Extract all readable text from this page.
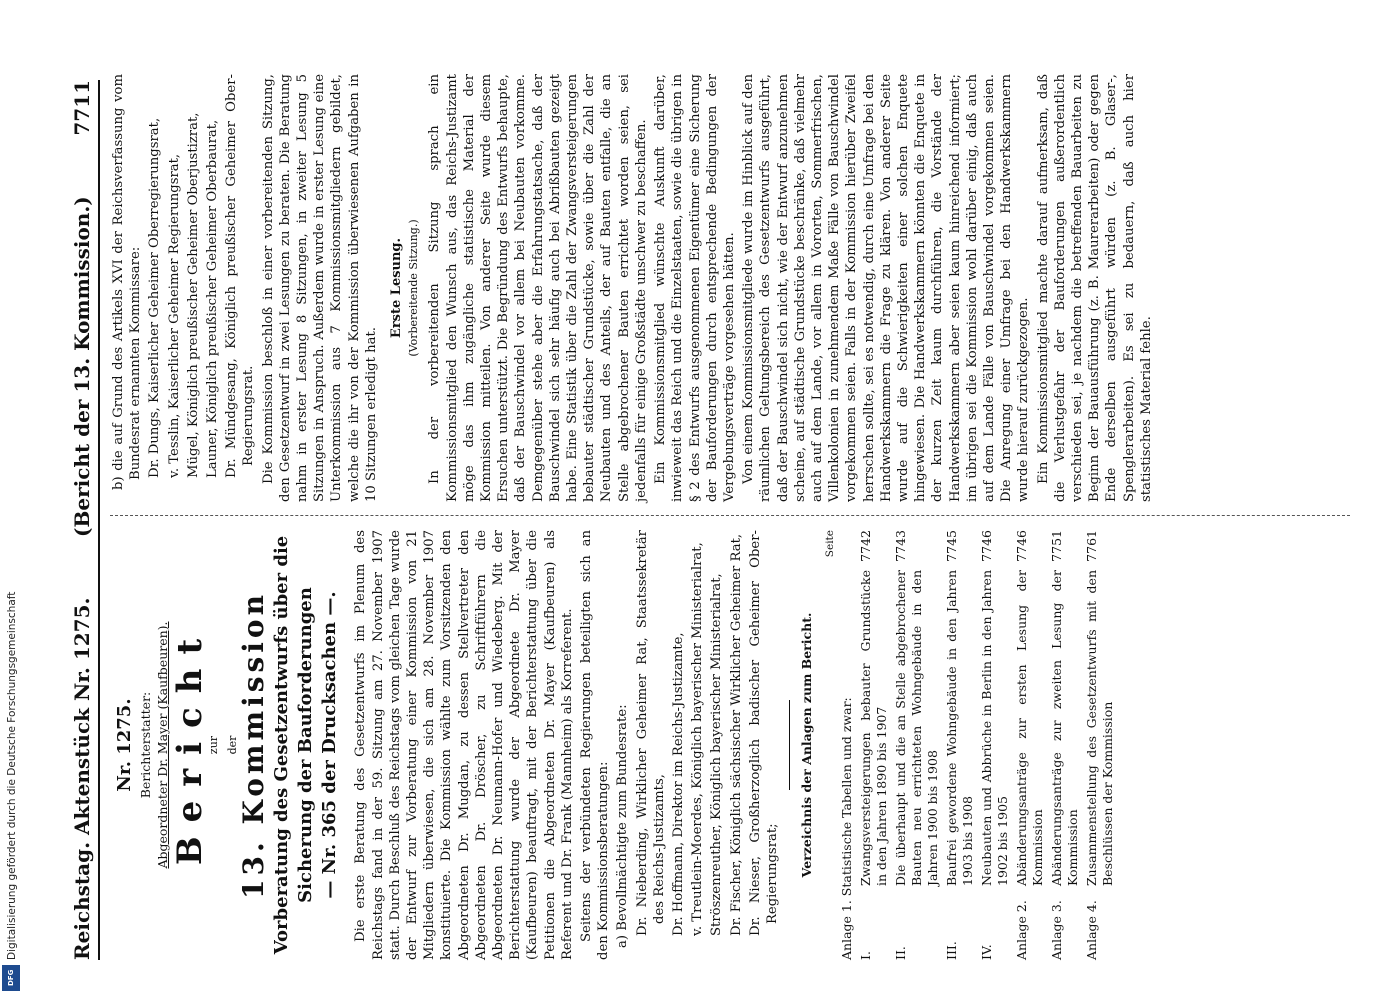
Reichstag. Aktenstück Nr. 1275.
(Bericht der 13. Kommission.)
7711
Nr. 1275. Berichterstatter: Abgeordneter Dr. Mayer (Kaufbeuren). Bericht
zur der
13. Kommission Vorberatung des Gesetzentwurfs über die Sicherung der Bauforderungen — Nr. 365 der Drucksachen —. Die erste Beratung des Gesetzentwurfs im Plenum des Reichstags fand in der 59. Sitzung am 27. November 1907 statt. Durch Beschluß des Reichstags vom gleichen Tage wurde der Entwurf zur Vorberatung einer Kommission von 21 Mitgliedern überwiesen, die sich am 28. November 1907 konstituierte. Die Kommission wählte zum Vorsitzenden den Abgeordneten Dr. Mugdan, zu dessen Stellvertreter den Abgeordneten Dr. Dröscher, zu Schriftführern die Abgeordneten Dr. Neumann-Hofer und Wiedeberg. Mit der Berichterstattung wurde der Abgeordnete Dr. Mayer (Kaufbeuren) beauftragt, mit der Berichterstattung über die Petitionen die Abgeordneten Dr. Mayer (Kaufbeuren) als Referent und Dr. Frank (Mannheim) als Korreferent. Seitens der verbündeten Regierungen beteiligten sich an den Kommissionsberatungen: a) Bevollmächtigte zum Bundesrate: Dr. Nieberding, Wirklicher Geheimer Rat, Staatssekretär des Reichs-Justizamts, Dr. Hoffmann, Direktor im Reichs-Justizamte, v. Treutlein-Moerdes, Königlich bayerischer Ministerialrat, Ströszenreuther, Königlich bayerischer Ministerialrat, Dr. Fischer, Königlich sächsischer Wirklicher Geheimer Rat, Dr. Nieser, Großherzoglich badischer Geheimer Ober-Regierungsrat; Verzeichnis der Anlagen zum Bericht.
Seite
Anlage 1. Statistische Tabellen und zwar: I.
Zwangsversteigerungen bebauter Grundstücke in den Jahren 1890 bis 1907
7742
II.
Die überhaupt und die an Stelle abgebrochener Bauten neu errichteten Wohngebäude in den Jahren 1900 bis 1908
7743
III.
Baufrei gewordene Wohngebäude in den Jahren 1903 bis 1908
7745
IV.
Neubauten und Abbrüche in Berlin in den Jahren 1902 bis 1905
7746
Anlage 2.
Abänderungsanträge zur ersten Lesung der Kommission
7746
Anlage 3.
Abänderungsanträge zur zweiten Lesung der Kommission
7751
Anlage 4.
Zusammenstellung des Gesetzentwurfs mit den Beschlüssen der Kommission
7761

b) die auf Grund des Artikels XVI der Reichsverfassung vom Bundesrat ernannten Kommissare: Dr. Dungs, Kaiserlicher Geheimer Oberregierungsrat, v. Tesslin, Kaiserlicher Geheimer Regierungsrat, Mügel, Königlich preußischer Geheimer Oberjustizrat, Launer, Königlich preußischer Geheimer Oberbaurat, Dr. Mündgesang, Königlich preußischer Geheimer Ober-Regierungsrat. Die Kommission beschloß in einer vorbereitenden Sitzung, den Gesetzentwurf in zwei Lesungen zu beraten. Die Beratung nahm in erster Lesung 8 Sitzungen, in zweiter Lesung 5 Sitzungen in Anspruch. Außerdem wurde in erster Lesung eine Unterkommission aus 7 Kommissionsmitgliedern gebildet, welche die ihr von der Kommission überwiesenen Aufgaben in 10 Sitzungen erledigt hat.

Erste Lesung. (Vorbereitende Sitzung.) In der vorbereitenden Sitzung sprach ein Kommissionsmitglied den Wunsch aus, das Reichs-Justizamt möge das ihm zugängliche statistische Material der Kommission mitteilen. Von anderer Seite wurde diesem Ersuchen unterstützt. Die Begründung des Entwurfs behaupte, daß der Bauschwindel vor allem bei Neubauten vorkomme. Demgegenüber stehe aber die Erfahrungstatsache, daß der Bauschwindel sich sehr häufig auch bei Abrißbauten gezeigt habe. Eine Statistik über die Zahl der Zwangsversteigerungen bebauter städtischer Grundstücke, sowie über die Zahl der Neubauten und des Anteils, der auf Bauten entfalle, die an Stelle abgebrochener Bauten errichtet worden seien, sei jedenfalls für einige Großstädte unschwer zu beschaffen. Ein Kommissionsmitglied wünschte Auskunft darüber, inwieweit das Reich und die Einzelstaaten, sowie die übrigen in § 2 des Entwurfs ausgenommenen Eigentümer eine Sicherung der Bauforderungen durch entsprechende Bedingungen der Vergebungsverträge vorgesehen hätten. Von einem Kommissionsmitgliede wurde im Hinblick auf den räumlichen Geltungsbereich des Gesetzentwurfs ausgeführt, daß der Bauschwindel sich nicht, wie der Entwurf anzunehmen scheine, auf städtische Grundstücke beschränke, daß vielmehr auch auf dem Lande, vor allem in Vororten, Sommerfrischen, Villenkolonien in zunehmendem Maße Fälle von Bauschwindel vorgekommen seien. Falls in der Kommission hierüber Zweifel herrschen sollte, sei es notwendig, durch eine Umfrage bei den Handwerkskammern die Frage zu klären. Von anderer Seite wurde auf die Schwierigkeiten einer solchen Enquete hingewiesen. Die Handwerkskammern könnten die Enquete in der kurzen Zeit kaum durchführen, die Vorstände der Handwerkskammern aber seien kaum hinreichend informiert; im übrigen sei die Kommission wohl darüber einig, daß auch auf dem Lande Fälle von Bauschwindel vorgekommen seien. Die Anregung einer Umfrage bei den Handwerkskammern wurde hierauf zurückgezogen. Ein Kommissionsmitglied machte darauf aufmerksam, daß die Verlustgefahr der Bauforderungen außerordentlich verschieden sei, je nachdem die betreffenden Bauarbeiten zu Beginn der Bauausführung (z. B. Maurerarbeiten) oder gegen Ende derselben ausgeführt würden (z. B. Glaser-, Spenglerarbeiten). Es sei zu bedauern, daß auch hier statistisches Material fehle.

Digitalisierung gefördert durch die Deutsche Forschungsgemeinschaft
DFG
